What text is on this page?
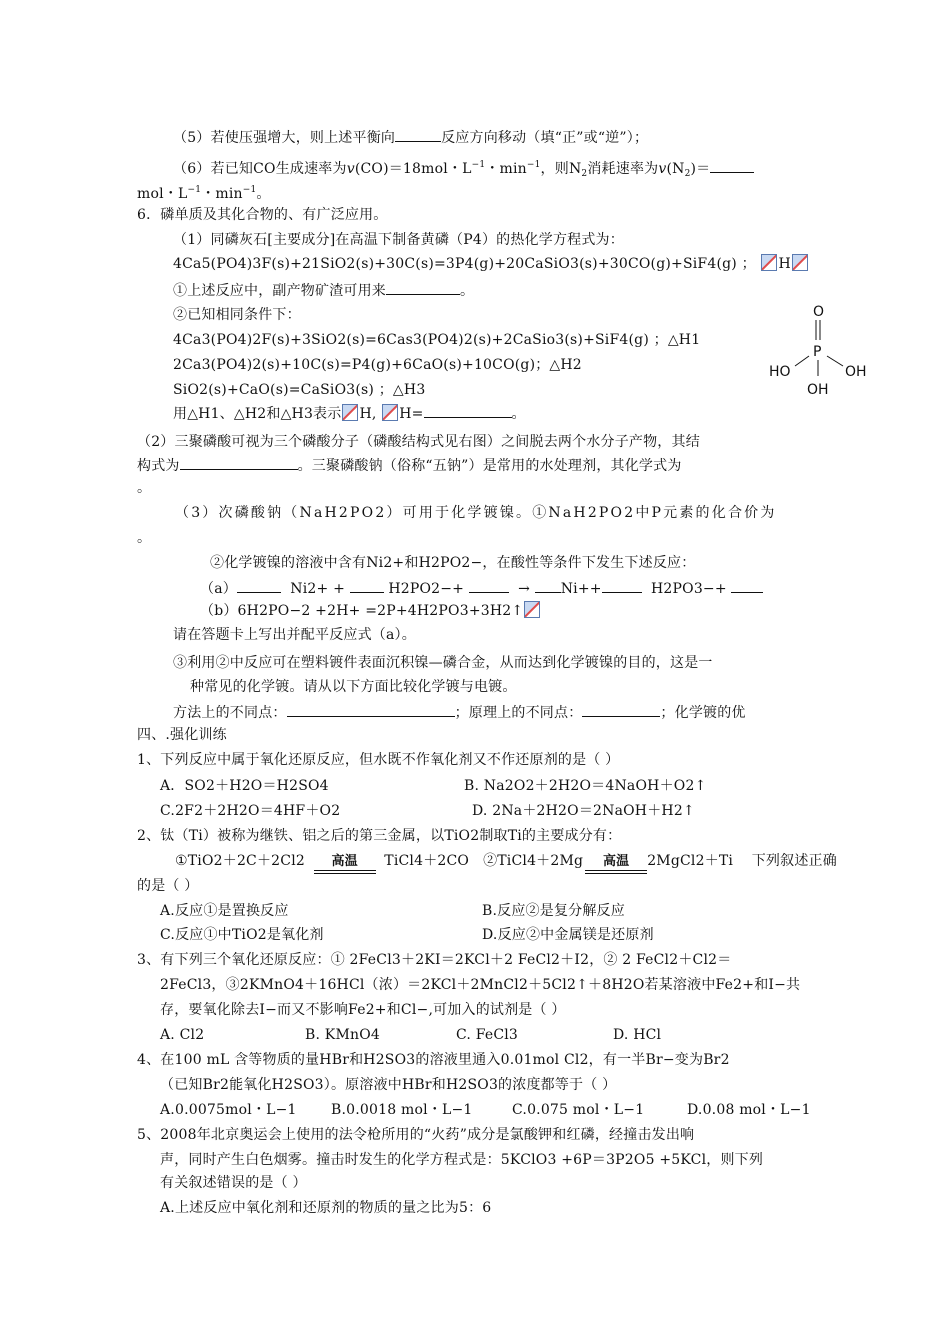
（5）若使压强增大，则上述平衡向	反应方向移动（填“正”或“逆”）；
（6）若已知CO生成速率为v(CO)＝18mol・$L^{-1}$・$\min^{-1}$，则$N_2$消耗速率为$v(N_2)=$
mol・$L^{-1}$・$\min^{-1}$。
6．磷单质及其化合物的、有广泛应用。
（1）同磷灰石[主要成分]在高温下制备黄磷（P4）的热化学方程式为：
4Ca5(PO4)3F(s)+21SiO2(s)+30C(s)=3P4(g)+20CaSiO3(s)+30CO(g)+SiF4(g) ； H
①上述反应中，副产物矿渣可用来	。
②已知相同条件下：
4Ca3(PO4)2F(s)+3SiO2(s)=6Cas3(PO4)2(s)+2CaSio3(s)+SiF4(g) ；△H1
2Ca3(PO4)2(s)+10C(s)=P4(g)+6CaO(s)+10CO(g)；△H2
SiO2(s)+CaO(s)=CaSiO3(s) ；△H3
用△H1、△H2和△H3表示 H, H=	。
O
P
HO	OH
OH
（2）三聚磷酸可视为三个磷酸分子（磷酸结构式见右图）之间脱去两个水分子产物，其结
构式为	。三聚磷酸钠（俗称“五钠”）是常用的水处理剂，其化学式为
。
（3）次磷酸钠（NaH2PO2）可用于化学镀镍。①NaH2PO2中P元素的化合价为
。
②化学镀镍的溶液中含有Ni2+和H2PO2−，在酸性等条件下发生下述反应：
（a）	Ni2+ +	H2PO2−+	→ Ni++	H2PO3−+
（b）6H2PO−2 +2H+ =2P+4H2PO3+3H2↑
请在答题卡上写出并配平反应式（a）。
③利用②中反应可在塑料镀件表面沉积镍—磷合金，从而达到化学镀镍的目的，这是一
种常见的化学镀。请从以下方面比较化学镀与电镀。
方法上的不同点：	；原理上的不同点：	；化学镀的优
四、.强化训练
1、下列反应中属于氧化还原反应，但水既不作氧化剂又不作还原剂的是（ ）
A．SO2＋H2O＝H2SO4	B. Na2O2＋2H2O＝4NaOH＋O2↑
C.2F2＋2H2O＝4HF＋O2	D. 2Na＋2H2O＝2NaOH＋H2↑
2、钛（Ti）被称为继铁、铝之后的第三金属，以TiO2制取Ti的主要成分有：
①TiO2＋2C＋2Cl2	高温	TiCl4＋2CO ②TiCl4＋2Mg	高温	2MgCl2＋Ti 下列叙述正确
的是（ ）
A.反应①是置换反应	B.反应②是复分解反应
C.反应①中TiO2是氧化剂	D.反应②中金属镁是还原剂
3、有下列三个氧化还原反应：① 2FeCl3＋2KI＝2KCl＋2 FeCl2＋I2，② 2 FeCl2＋Cl2＝
2FeCl3，③2KMnO4＋16HCl（浓）＝2KCl＋2MnCl2＋5Cl2↑＋8H2O若某溶液中Fe2+和I−共
存，要氧化除去I−而又不影响Fe2+和Cl−,可加入的试剂是（ ）
A. Cl2	B. KMnO4	C. FeCl3	D. HCl
4、在100 mL 含等物质的量HBr和H2SO3的溶液里通入0.01mol Cl2，有一半Br−变为Br2
（已知Br2能氧化H2SO3）。原溶液中HBr和H2SO3的浓度都等于（ ）
A.0.0075mol・L−1 B.0.0018 mol・L−1	C.0.075 mol・L−1	D.0.08 mol・L−1
5、2008年北京奥运会上使用的法令枪所用的“火药”成分是氯酸钾和红磷，经撞击发出响
声，同时产生白色烟雾。撞击时发生的化学方程式是：5KClO3 +6P＝3P2O5 +5KCl，则下列
有关叙述错误的是（ ）
A.上述反应中氧化剂和还原剂的物质的量之比为5：6
